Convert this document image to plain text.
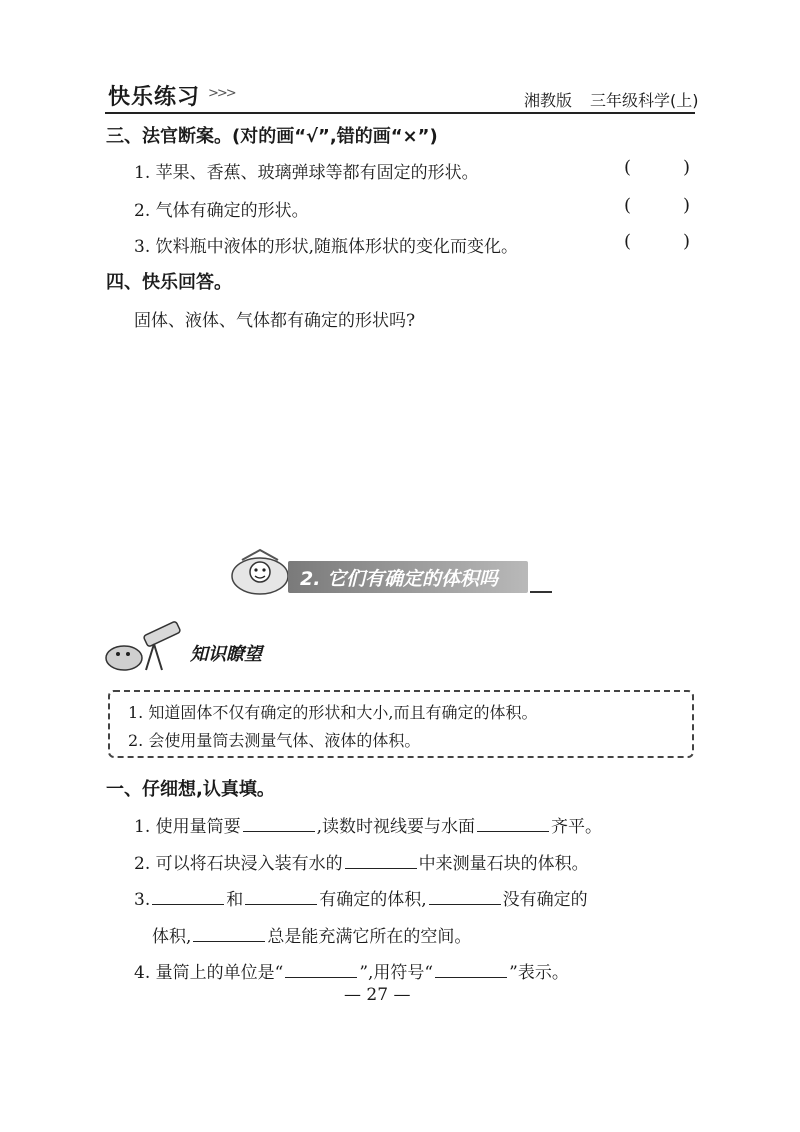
快乐练习 >>>	湘教版 三年级科学(上)
三、法官断案。(对的画“√”,错的画“×”)
1. 苹果、香蕉、玻璃弹球等都有固定的形状。	(	)
2. 气体有确定的形状。	(	)
3. 饮料瓶中液体的形状,随瓶体形状的变化而变化。	(	)
四、快乐回答。
固体、液体、气体都有确定的形状吗?
2. 它们有确定的体积吗
知识瞭望
1. 知道固体不仅有确定的形状和大小,而且有确定的体积。
2. 会使用量筒去测量气体、液体的体积。
一、仔细想,认真填。
1. 使用量筒要	,读数时视线要与水面	齐平。
2. 可以将石块浸入装有水的	中来测量石块的体积。
3.	和	有确定的体积,	没有确定的
体积,	总是能充满它所在的空间。
4. 量筒上的单位是“	”,用符号“	”表示。
— 27 —
